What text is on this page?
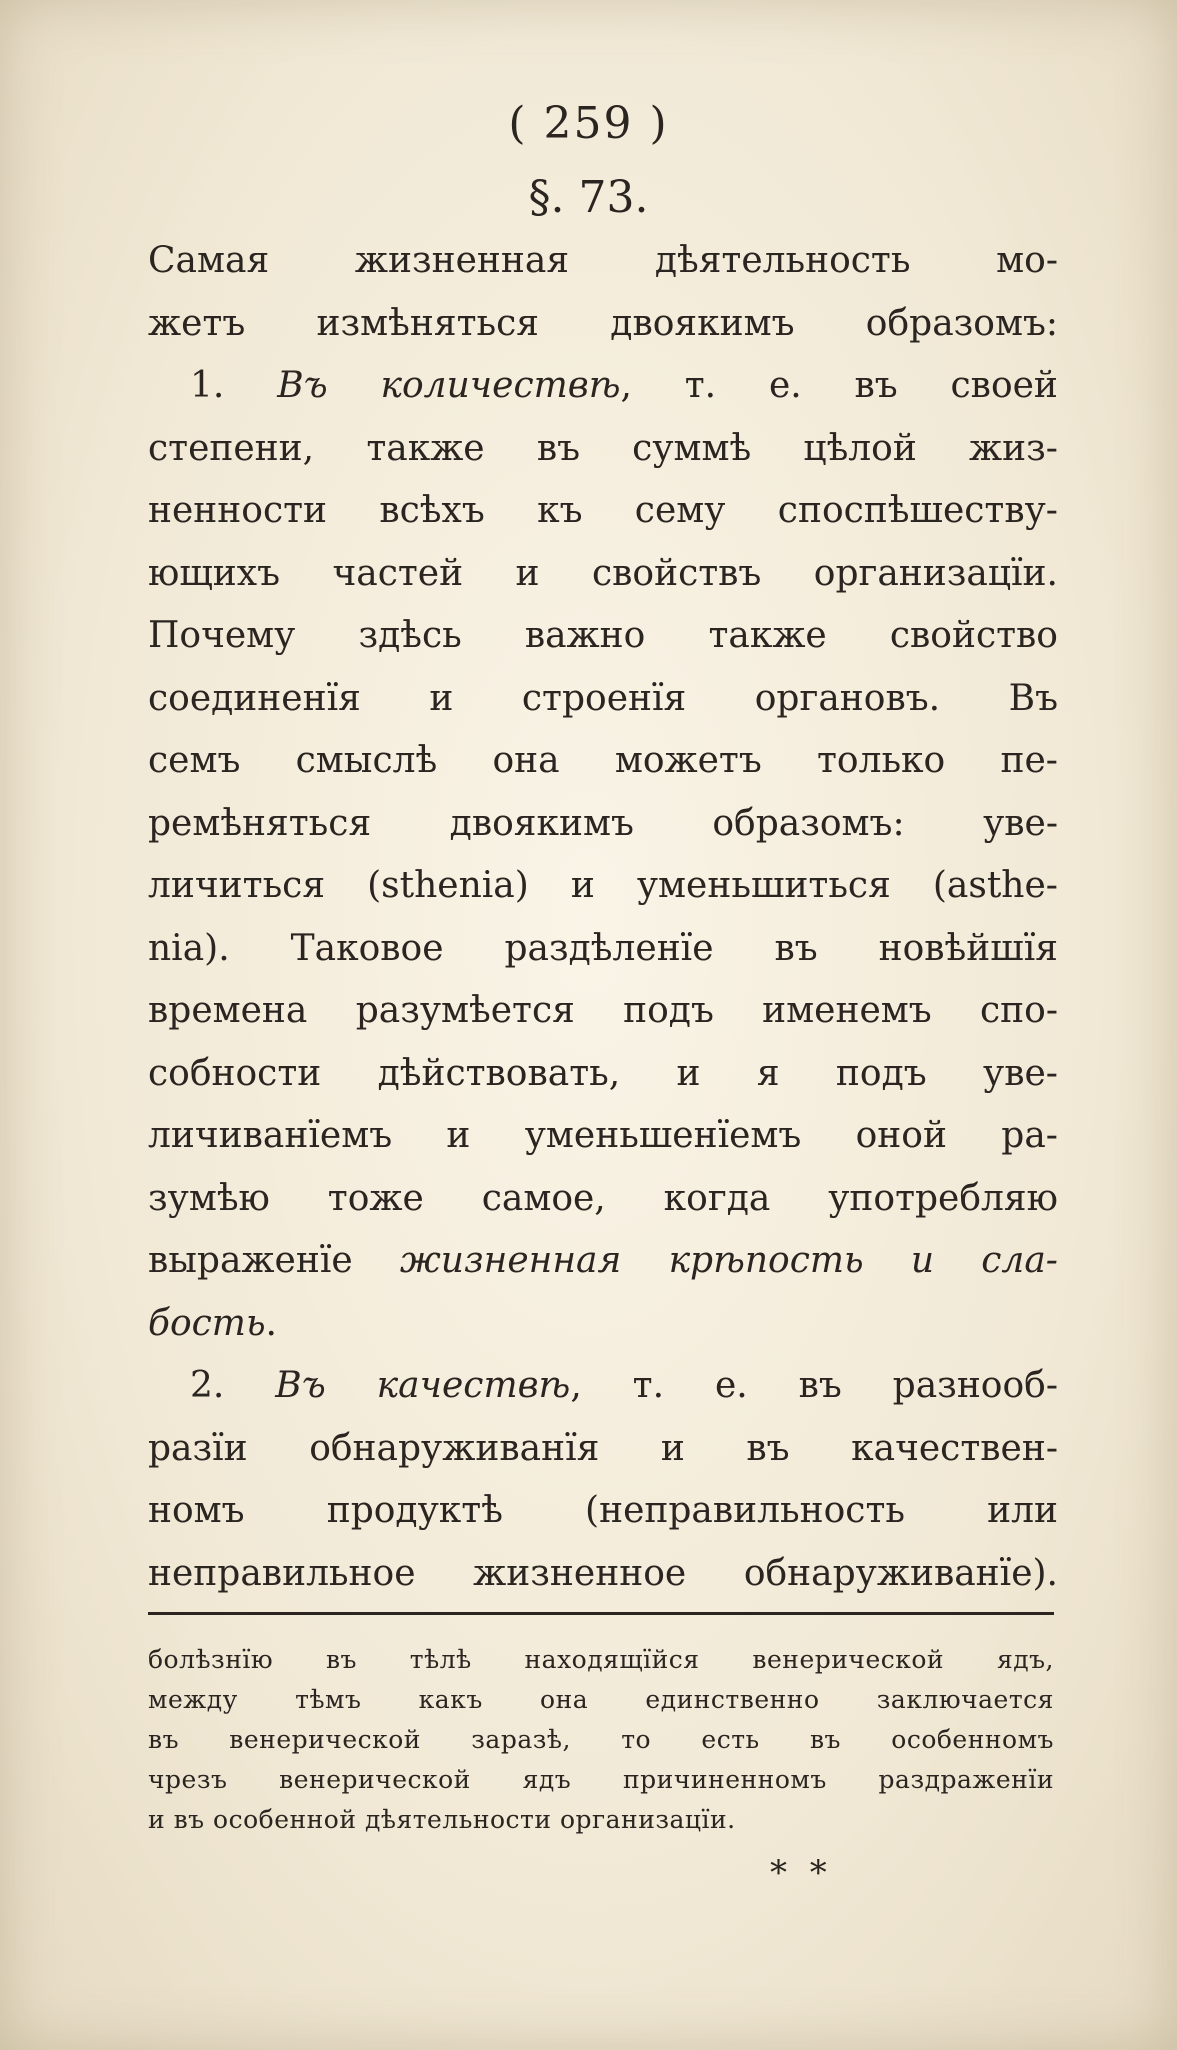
( 259 )
§. 73.
Самая жизненная дѣятельность мо-
жетъ измѣняться двоякимъ образомъ:
1. Въ количествѣ, т. е. въ своей
степени, также въ суммѣ цѣлой жиз-
ненности всѣхъ къ сему споспѣшеству-
ющихъ частей и свойствъ организацїи.
Почему здѣсь важно также свойство
соединенїя и строенїя органовъ. Въ
семъ смыслѣ она можетъ только пе-
ремѣняться двоякимъ образомъ: уве-
личиться (sthenia) и уменьшиться (asthe-
nia). Таковое раздѣленїе въ новѣйшїя
времена разумѣется подъ именемъ спо-
собности дѣйствовать, и я подъ уве-
личиванїемъ и уменьшенїемъ оной ра-
зумѣю тоже самое, когда употребляю
выраженїе жизненная крѣпость и сла-
бость .
2. Въ качествѣ, т. е. въ разнооб-
разїи обнаруживанїя и въ качествен-
номъ продуктѣ (неправильность или
неправильное жизненное обнаруживанїе).
болѣзнїю въ тѣлѣ находящїйся венерической ядъ,
между тѣмъ какъ она единственно заключается
въ венерической заразѣ, то есть въ особенномъ
чрезъ венерической ядъ причиненномъ раздраженїи
и въ особенной дѣятельности организацїи.
* *
